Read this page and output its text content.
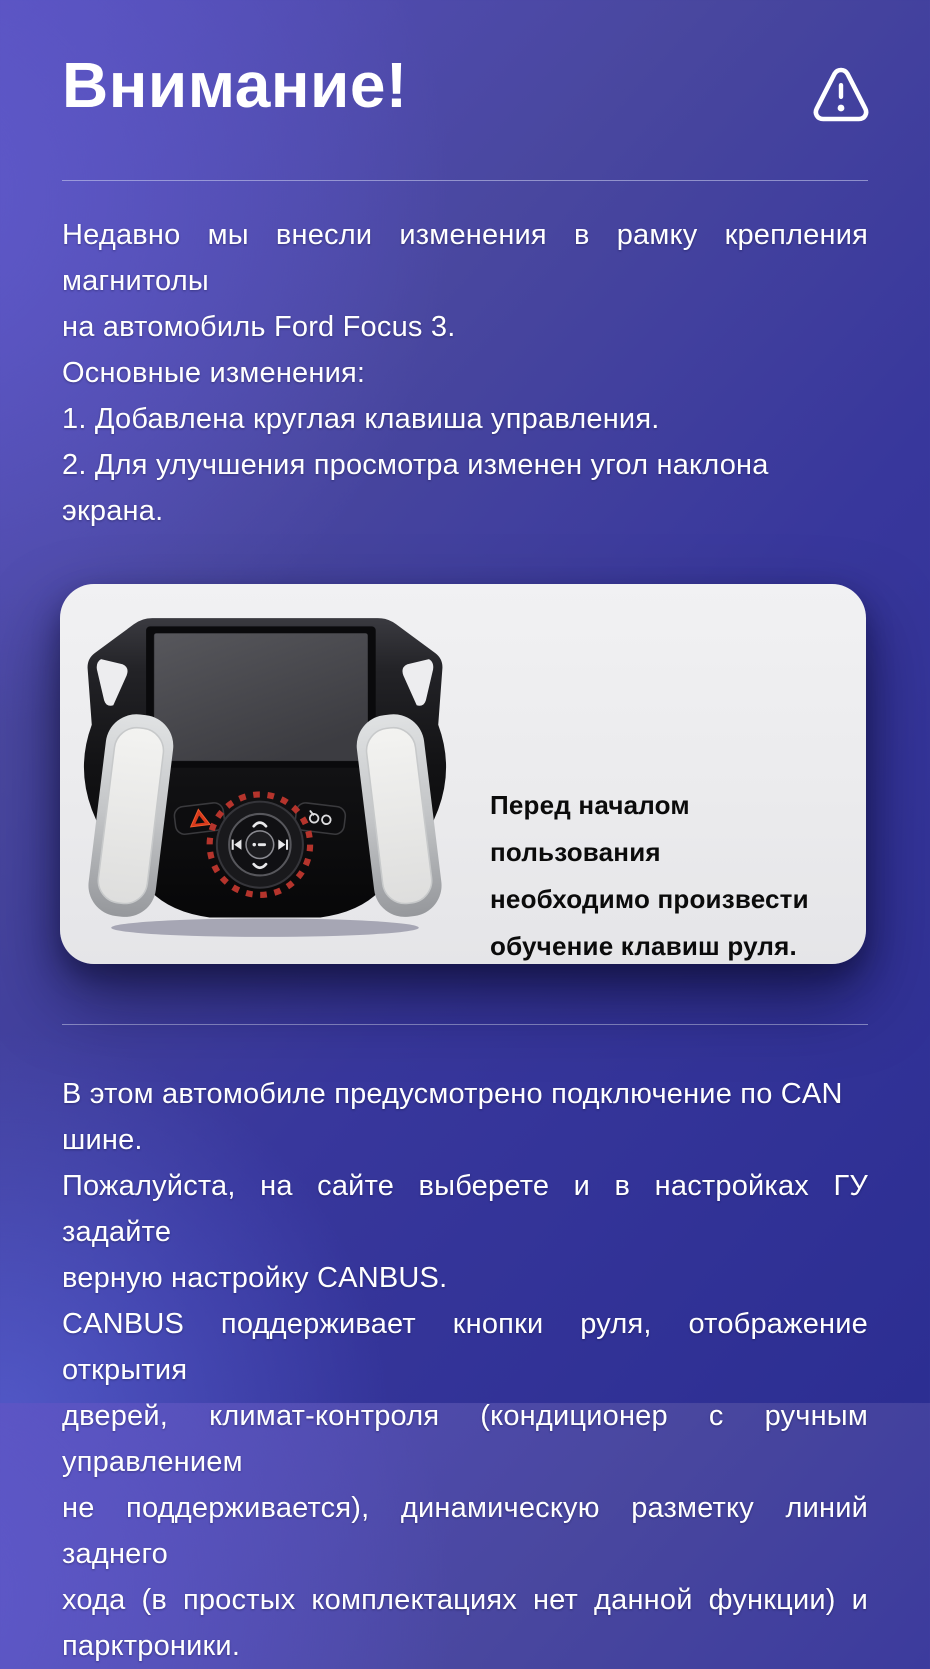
Внимание!
Недавно мы внесли изменения в рамку крепления магнитолы
на автомобиль Ford Focus 3.
Основные изменения:
1. Добавлена круглая клавиша управления.
2. Для улучшения просмотра изменен угол наклона экрана.
Перед началом пользования
необходимо произвести
обучение клавиш руля.
В этом автомобиле предусмотрено подключение по CAN шине.
Пожалуйста, на сайте выберете и в настройках ГУ задайте
верную настройку CANBUS.
CANBUS поддерживает кнопки руля, отображение открытия
дверей, климат-контроля (кондиционер с ручным управлением
не поддерживается), динамическую разметку линий заднего
хода (в простых комплектациях нет данной функции) и
парктроники.
